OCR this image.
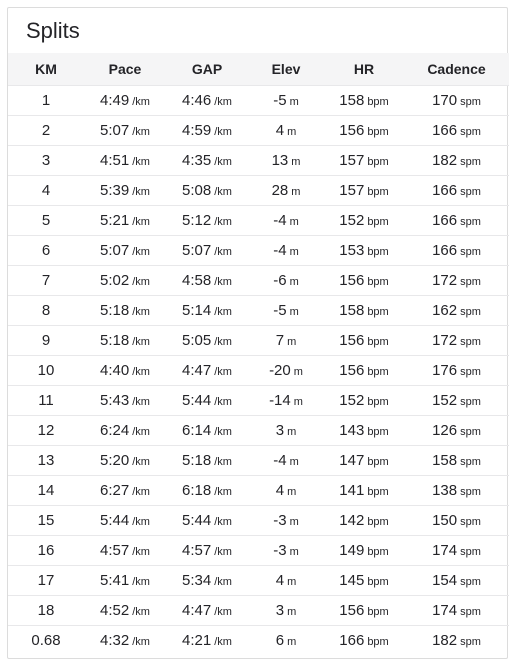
Splits
KM	Pace	GAP	Elev	HR	Cadence
1	4:49 /km	4:46 /km	-5 m	158 bpm	170 spm
2	5:07 /km	4:59 /km	4 m	156 bpm	166 spm
3	4:51 /km	4:35 /km	13 m	157 bpm	182 spm
4	5:39 /km	5:08 /km	28 m	157 bpm	166 spm
5	5:21 /km	5:12 /km	-4 m	152 bpm	166 spm
6	5:07 /km	5:07 /km	-4 m	153 bpm	166 spm
7	5:02 /km	4:58 /km	-6 m	156 bpm	172 spm
8	5:18 /km	5:14 /km	-5 m	158 bpm	162 spm
9	5:18 /km	5:05 /km	7 m	156 bpm	172 spm
10	4:40 /km	4:47 /km	-20 m	156 bpm	176 spm
11	5:43 /km	5:44 /km	-14 m	152 bpm	152 spm
12	6:24 /km	6:14 /km	3 m	143 bpm	126 spm
13	5:20 /km	5:18 /km	-4 m	147 bpm	158 spm
14	6:27 /km	6:18 /km	4 m	141 bpm	138 spm
15	5:44 /km	5:44 /km	-3 m	142 bpm	150 spm
16	4:57 /km	4:57 /km	-3 m	149 bpm	174 spm
17	5:41 /km	5:34 /km	4 m	145 bpm	154 spm
18	4:52 /km	4:47 /km	3 m	156 bpm	174 spm
0.68	4:32 /km	4:21 /km	6 m	166 bpm	182 spm
